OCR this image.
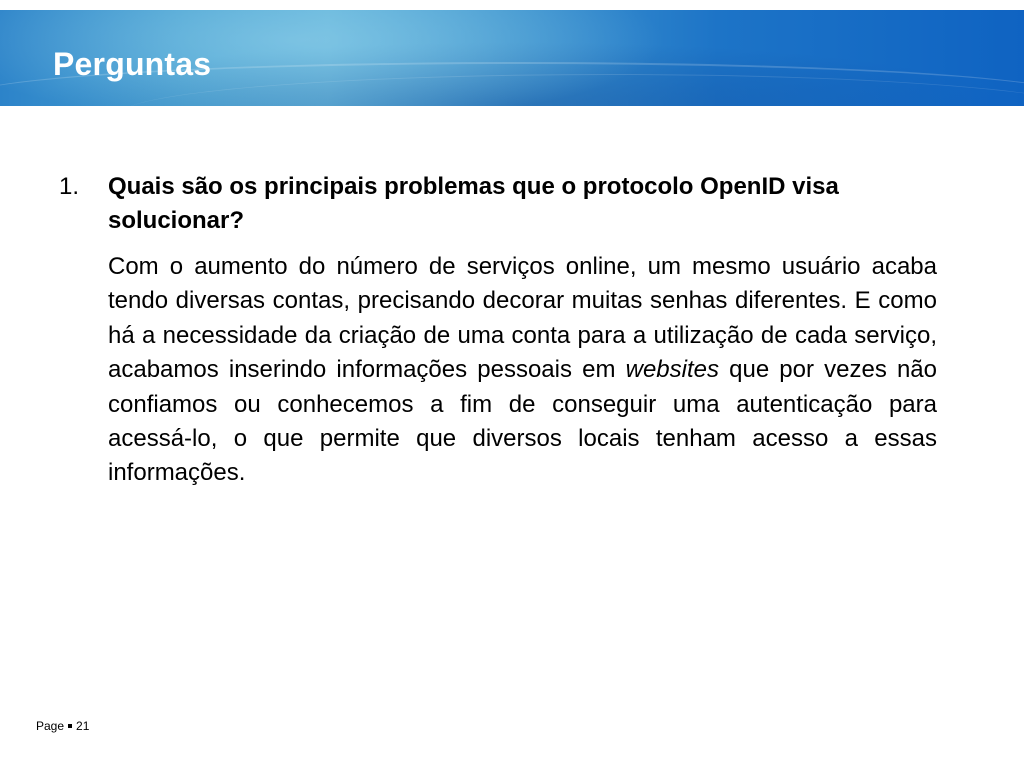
Perguntas
1. Quais são os principais problemas que o protocolo OpenID visa solucionar?

Com o aumento do número de serviços online, um mesmo usuário acaba tendo diversas contas, precisando decorar muitas senhas diferentes. E como há a necessidade da criação de uma conta para a utilização de cada serviço, acabamos inserindo informações pessoais em websites que por vezes não confiamos ou conhecemos a fim de conseguir uma autenticação para acessá-lo, o que permite que diversos locais tenham acesso a essas informações.

Page 21
